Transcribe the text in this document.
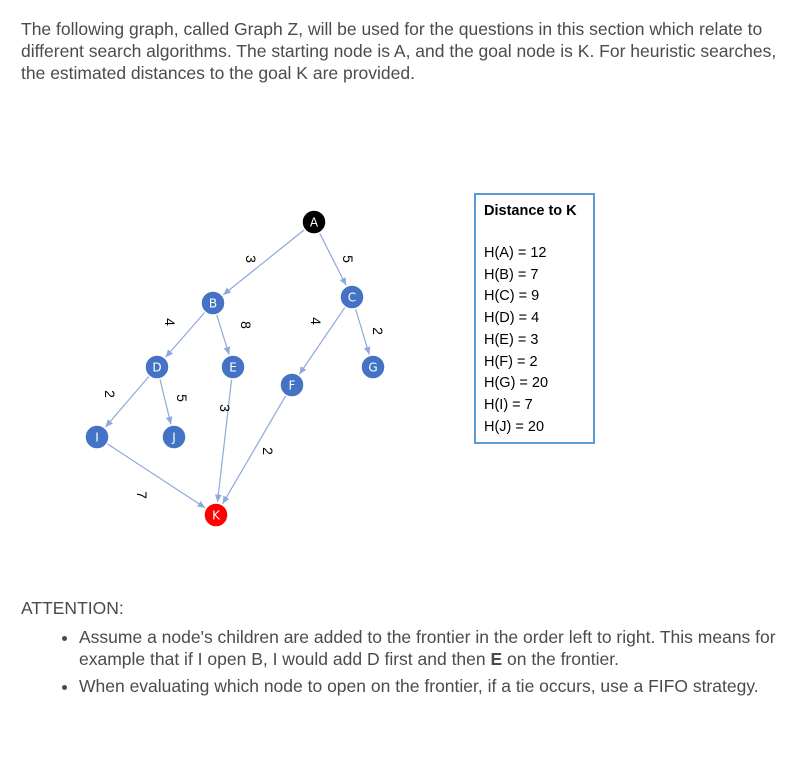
The following graph, called Graph Z, will be used for the questions in this section which relate to different search algorithms. The starting node is A, and the goal node is K. For heuristic searches, the estimated distances to the goal K are provided.

3	5
4	8
4
2
2
5
3
2
7
A
B	C
D	E
F
G
I	J
K
Distance to K
H(A) = 12
H(B) = 7
H(C) = 9
H(D) = 4
H(E) = 3
H(F) = 2
H(G) = 20
H(I) = 7
H(J) = 20

ATTENTION:

• Assume a node's children are added to the frontier in the order left to right. This means for example that if I open B, I would add D first and then E on the frontier.
• When evaluating which node to open on the frontier, if a tie occurs, use a FIFO strategy.
